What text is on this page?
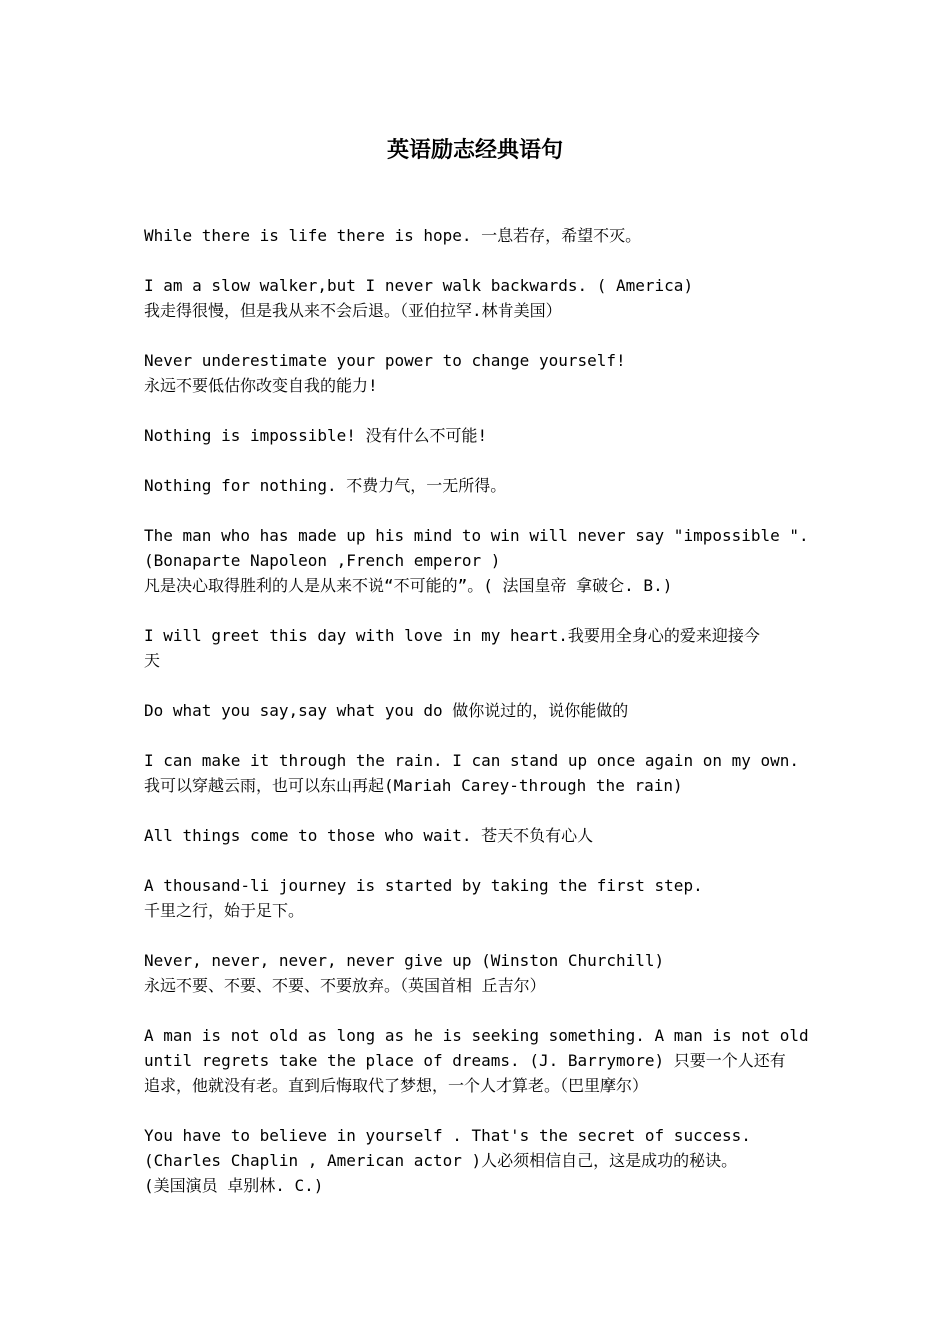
英语励志经典语句
While there is life there is hope. 一息若存，希望不灭。
I am a slow walker,but I never walk backwards. ( America)
我走得很慢，但是我从来不会后退。（亚伯拉罕.林肯美国）
Never underestimate your power to change yourself!
永远不要低估你改变自我的能力!
Nothing is impossible! 没有什么不可能!
Nothing for nothing. 不费力气，一无所得。
The man who has made up his mind to win will never say "impossible ".
(Bonaparte Napoleon ,French emperor )
凡是决心取得胜利的人是从来不说“不可能的”。( 法国皇帝 拿破仑. B.)
I will greet this day with love in my heart.我要用全身心的爱来迎接今
天
Do what you say,say what you do 做你说过的，说你能做的
I can make it through the rain. I can stand up once again on my own.
我可以穿越云雨，也可以东山再起(Mariah Carey-through the rain)
All things come to those who wait. 苍天不负有心人
A thousand-li journey is started by taking the first step.
千里之行，始于足下。
Never, never, never, never give up (Winston Churchill)
永远不要、不要、不要、不要放弃。（英国首相 丘吉尔）
A man is not old as long as he is seeking something. A man is not old
until regrets take the place of dreams. (J. Barrymore) 只要一个人还有
追求，他就没有老。直到后悔取代了梦想，一个人才算老。（巴里摩尔）
You have to believe in yourself . That's the secret of success.
(Charles Chaplin , American actor )人必须相信自己，这是成功的秘诀。
(美国演员 卓别林. C.)
